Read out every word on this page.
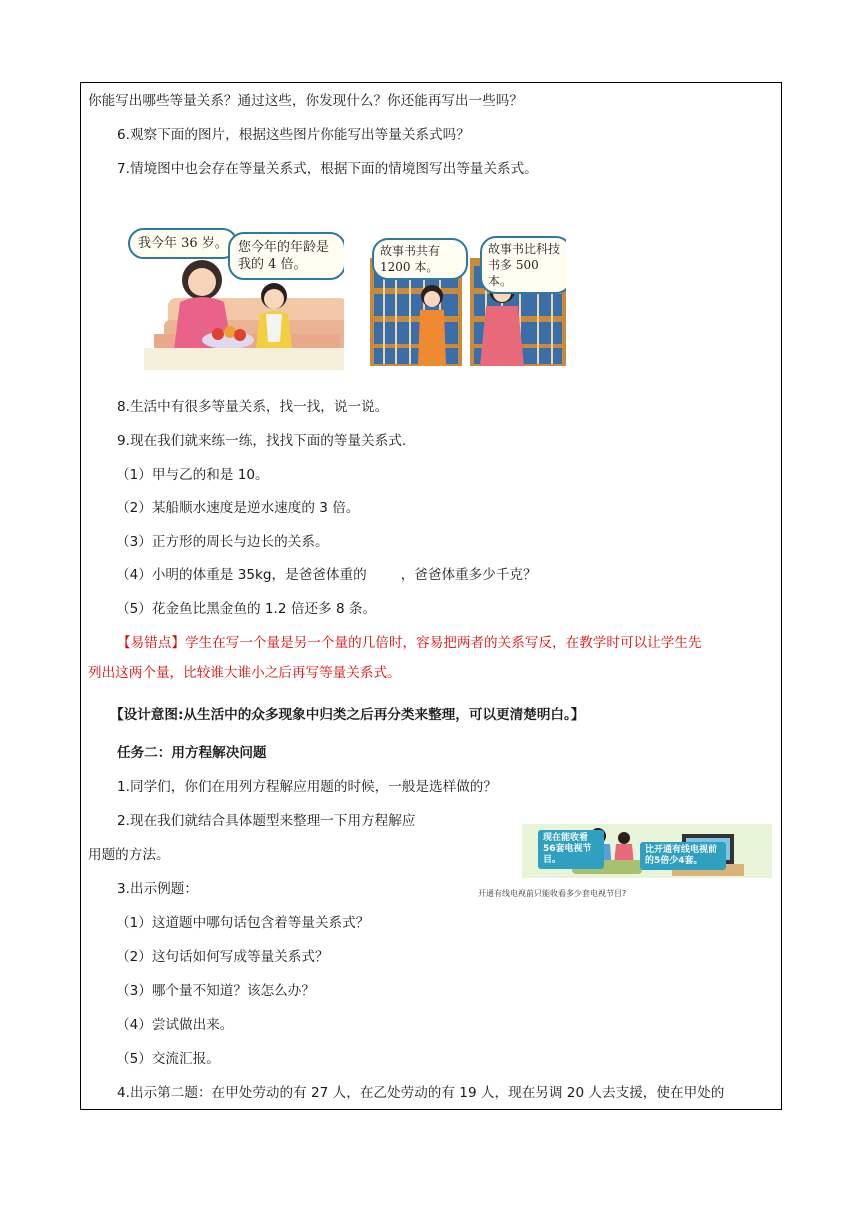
你能写出哪些等量关系？通过这些，你发现什么？你还能再写出一些吗？
6.观察下面的图片，根据这些图片你能写出等量关系式吗？
7.情境图中也会存在等量关系式，根据下面的情境图写出等量关系式。
我今年 36 岁。 您今年的年龄是我的 4 倍。
故事书共有 1200 本。
故事书比科技书多 500 本。
8.生活中有很多等量关系，找一找，说一说。
9.现在我们就来练一练，找找下面的等量关系式.
（1）甲与乙的和是 10。
（2）某船顺水速度是逆水速度的 3 倍。
（3）正方形的周长与边长的关系。
（4）小明的体重是 35kg，是爸爸体重的	，爸爸体重多少千克？
（5）花金鱼比黑金鱼的 1.2 倍还多 8 条。
【易错点】学生在写一个量是另一个量的几倍时，容易把两者的关系写反，在教学时可以让学生先
列出这两个量，比较谁大谁小之后再写等量关系式。
【设计意图:从生活中的众多现象中归类之后再分类来整理，可以更清楚明白。】
任务二：用方程解决问题
1.同学们，你们在用列方程解应用题的时候，一般是选样做的？
2.现在我们就结合具体题型来整理一下用方程解应
用题的方法。
3.出示例题：
现在能收看56套电视节目。
比开通有线电视前的5倍少4套。
开通有线电视前只能收看多少套电视节目?
（1）这道题中哪句话包含着等量关系式？
（2）这句话如何写成等量关系式？
（3）哪个量不知道？该怎么办？
（4）尝试做出来。
（5）交流汇报。
4.出示第二题：在甲处劳动的有 27 人，在乙处劳动的有 19 人，现在另调 20 人去支援，使在甲处的
